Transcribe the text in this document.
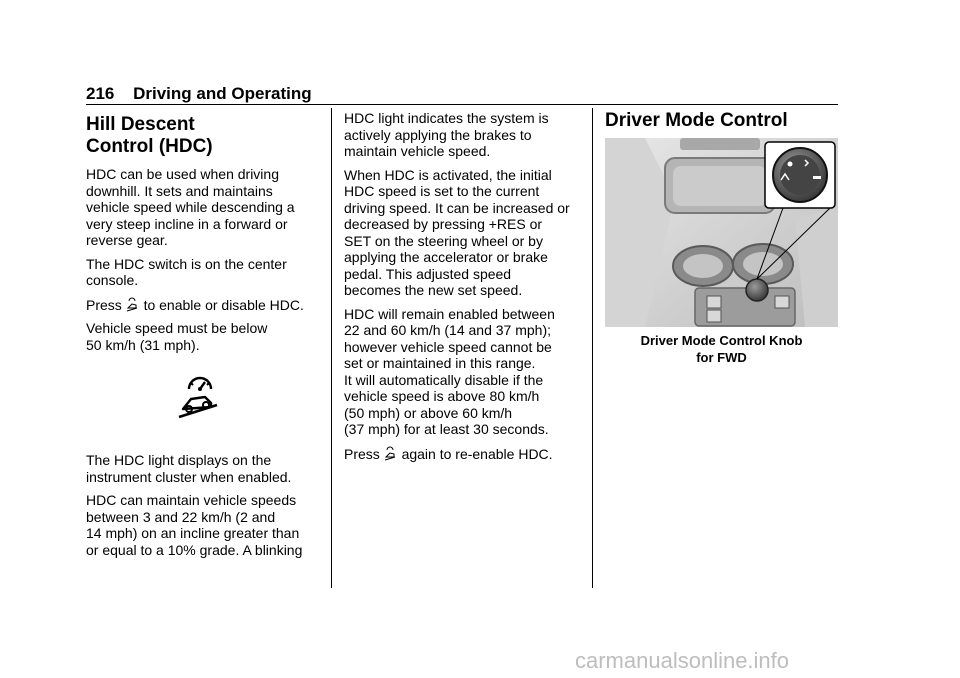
216 Driving and Operating
Hill Descent
Control (HDC)

HDC can be used when driving
downhill. It sets and maintains
vehicle speed while descending a
very steep incline in a forward or
reverse gear.

The HDC switch is on the center
console.

Press  to enable or disable HDC.

Vehicle speed must be below
50 km/h (31 mph).

The HDC light displays on the
instrument cluster when enabled.

HDC can maintain vehicle speeds
between 3 and 22 km/h (2 and
14 mph) on an incline greater than
or equal to a 10% grade. A blinking

HDC light indicates the system is
actively applying the brakes to
maintain vehicle speed.

When HDC is activated, the initial
HDC speed is set to the current
driving speed. It can be increased or
decreased by pressing +RES or
SET on the steering wheel or by
applying the accelerator or brake
pedal. This adjusted speed
becomes the new set speed.

HDC will remain enabled between
22 and 60 km/h (14 and 37 mph);
however vehicle speed cannot be
set or maintained in this range.
It will automatically disable if the
vehicle speed is above 80 km/h
(50 mph) or above 60 km/h
(37 mph) for at least 30 seconds.

Press  again to re-enable HDC.

Driver Mode Control
Driver Mode Control Knob
for FWD
carmanualsonline.info
